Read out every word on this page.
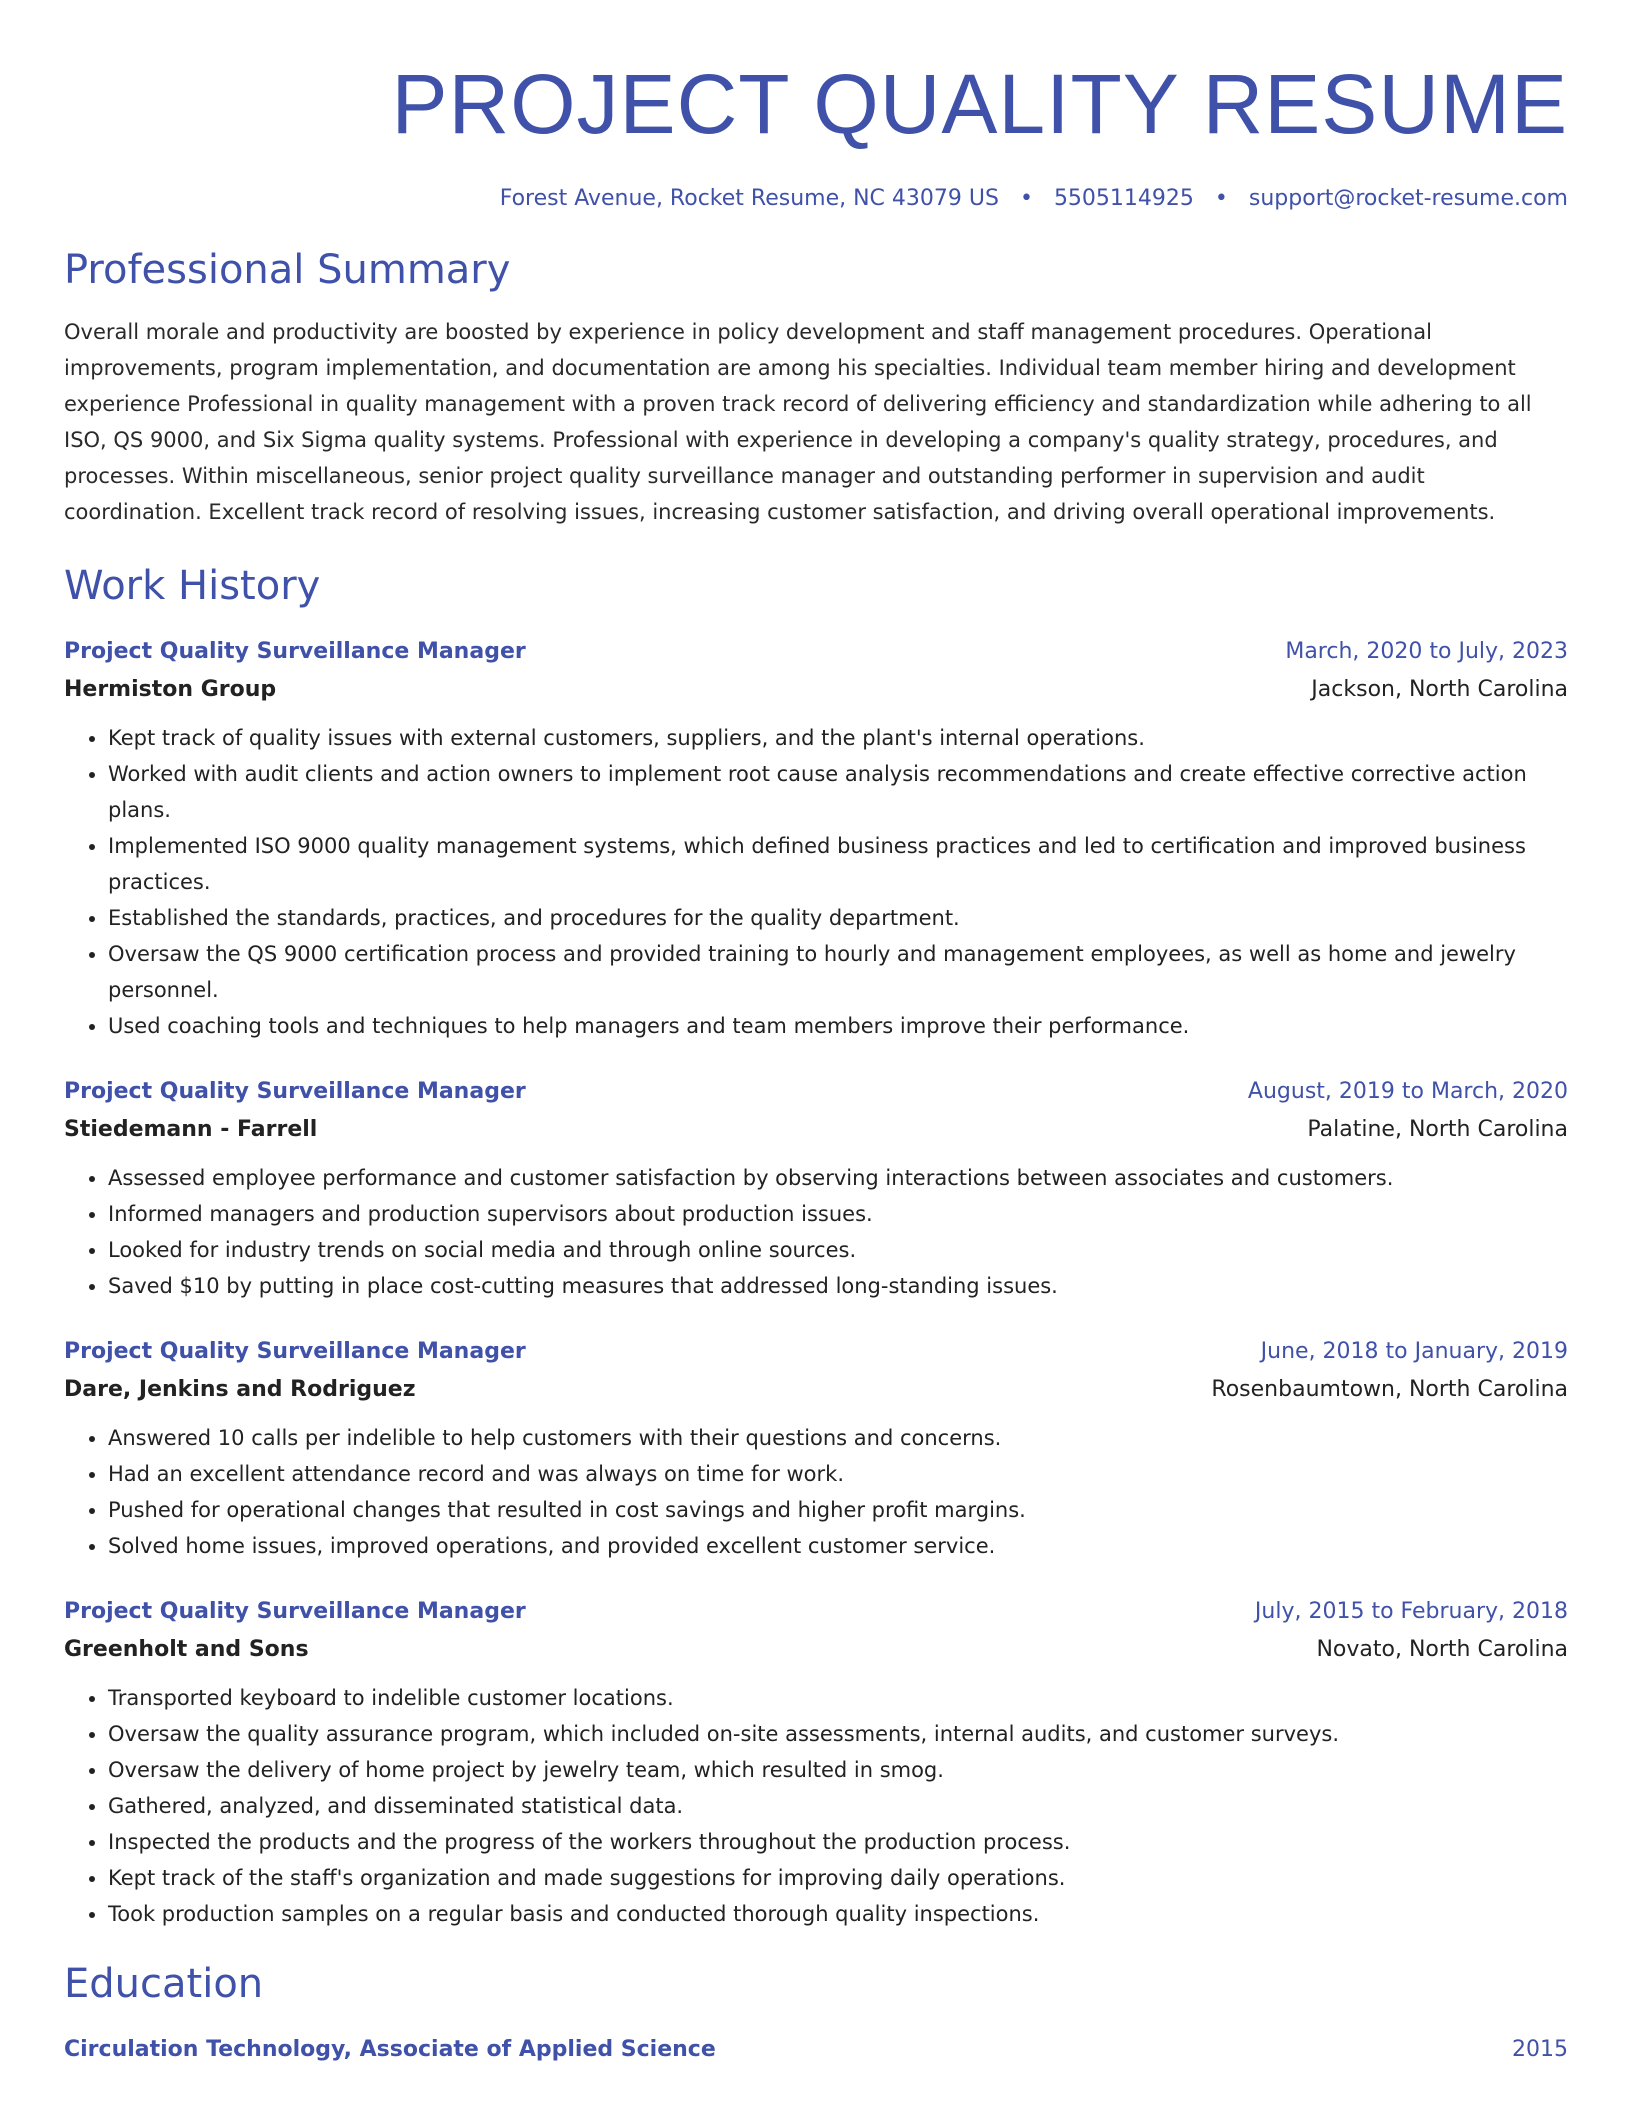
PROJECT QUALITY RESUME
Forest Avenue, Rocket Resume, NC 43079 US • 5505114925 • support@rocket-resume.com
Professional Summary
Overall morale and productivity are boosted by experience in policy development and staff management procedures. Operational improvements, program implementation, and documentation are among his specialties. Individual team member hiring and development experience Professional in quality management with a proven track record of delivering efficiency and standardization while adhering to all ISO, QS 9000, and Six Sigma quality systems. Professional with experience in developing a company's quality strategy, procedures, and processes. Within miscellaneous, senior project quality surveillance manager and outstanding performer in supervision and audit coordination. Excellent track record of resolving issues, increasing customer satisfaction, and driving overall operational improvements.
Work History
Project Quality Surveillance Manager	March, 2020 to July, 2023
Hermiston Group	Jackson, North Carolina
• Kept track of quality issues with external customers, suppliers, and the plant's internal operations.
• Worked with audit clients and action owners to implement root cause analysis recommendations and create effective corrective action plans.
• Implemented ISO 9000 quality management systems, which defined business practices and led to certification and improved business practices.
• Established the standards, practices, and procedures for the quality department.
• Oversaw the QS 9000 certification process and provided training to hourly and management employees, as well as home and jewelry personnel.
• Used coaching tools and techniques to help managers and team members improve their performance.
Project Quality Surveillance Manager	August, 2019 to March, 2020
Stiedemann - Farrell	Palatine, North Carolina
• Assessed employee performance and customer satisfaction by observing interactions between associates and customers.
• Informed managers and production supervisors about production issues.
• Looked for industry trends on social media and through online sources.
• Saved $10 by putting in place cost-cutting measures that addressed long-standing issues.
Project Quality Surveillance Manager	June, 2018 to January, 2019
Dare, Jenkins and Rodriguez	Rosenbaumtown, North Carolina
• Answered 10 calls per indelible to help customers with their questions and concerns.
• Had an excellent attendance record and was always on time for work.
• Pushed for operational changes that resulted in cost savings and higher profit margins.
• Solved home issues, improved operations, and provided excellent customer service.
Project Quality Surveillance Manager	July, 2015 to February, 2018
Greenholt and Sons	Novato, North Carolina
• Transported keyboard to indelible customer locations.
• Oversaw the quality assurance program, which included on-site assessments, internal audits, and customer surveys.
• Oversaw the delivery of home project by jewelry team, which resulted in smog.
• Gathered, analyzed, and disseminated statistical data.
• Inspected the products and the progress of the workers throughout the production process.
• Kept track of the staff's organization and made suggestions for improving daily operations.
• Took production samples on a regular basis and conducted thorough quality inspections.
Education
Circulation Technology, Associate of Applied Science	2015
